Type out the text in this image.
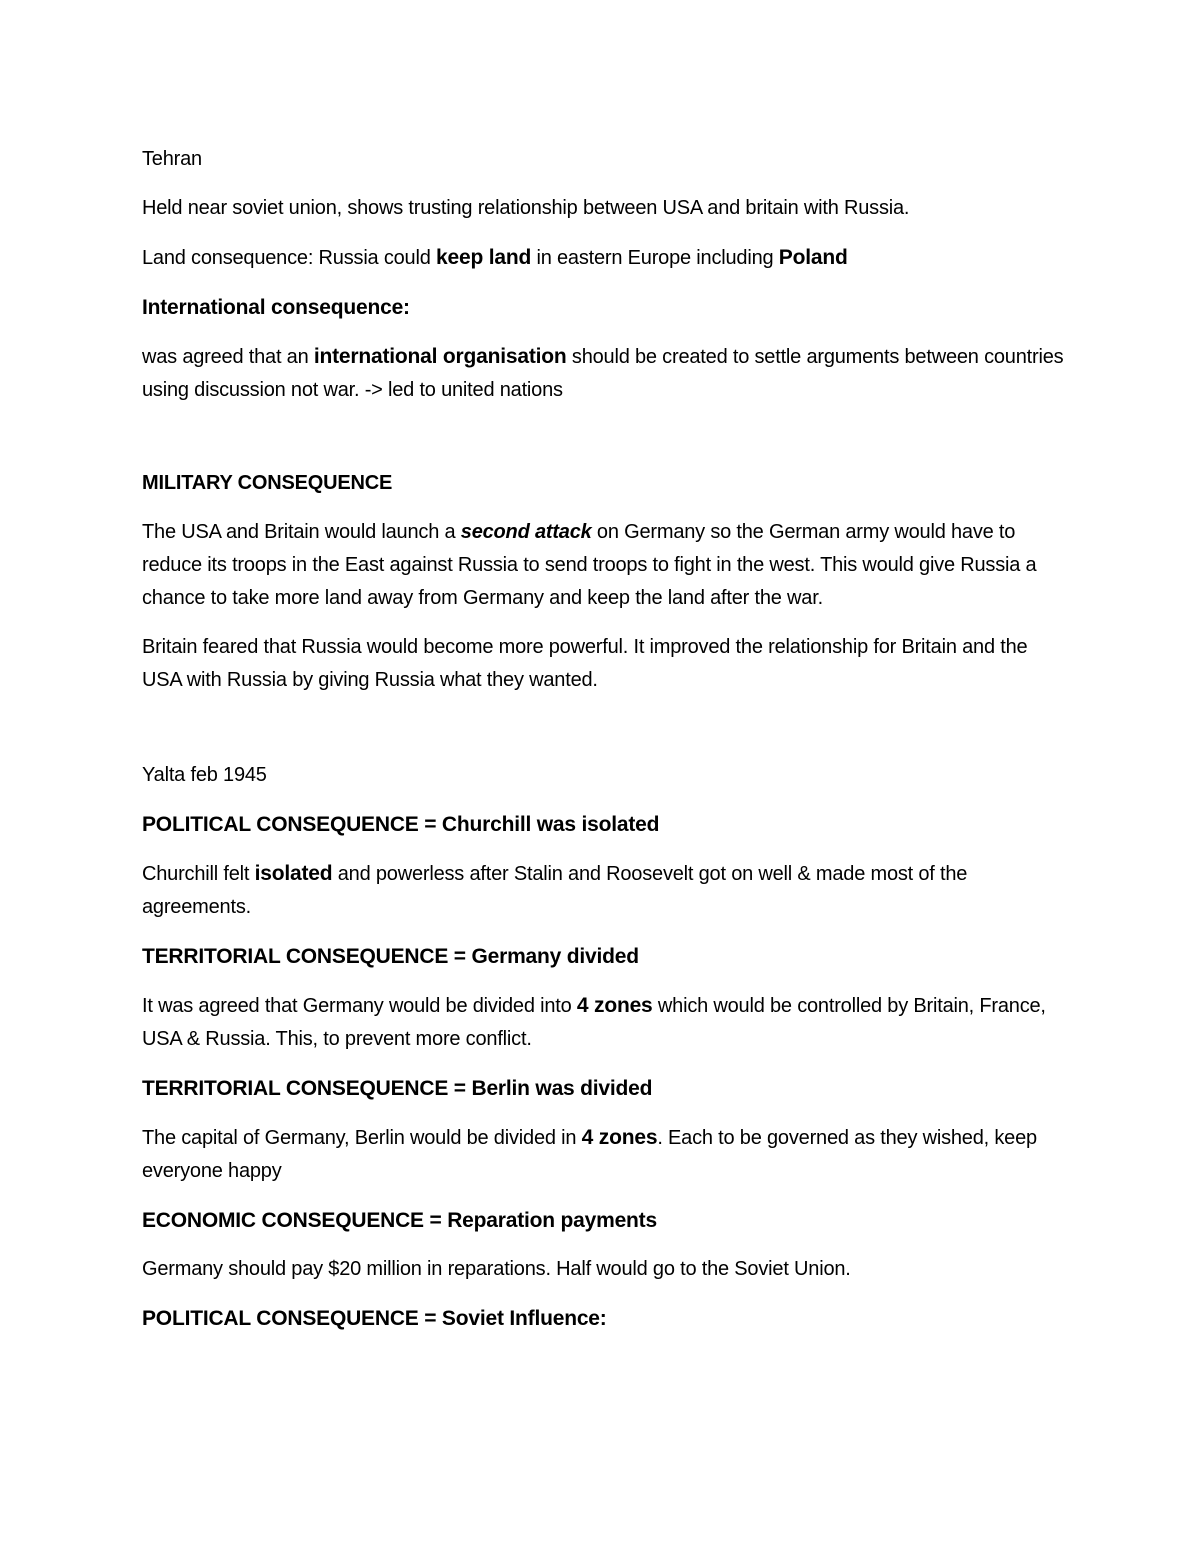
Tehran

Held near soviet union, shows trusting relationship between USA and britain with Russia.

Land consequence: Russia could keep land in eastern Europe including Poland

International consequence:

was agreed that an international organisation should be created to settle arguments between countries using discussion not war. -> led to united nations

MILITARY CONSEQUENCE

The USA and Britain would launch a second attack on Germany so the German army would have to reduce its troops in the East against Russia to send troops to fight in the west. This would give Russia a chance to take more land away from Germany and keep the land after the war.

Britain feared that Russia would become more powerful. It improved the relationship for Britain and the USA with Russia by giving Russia what they wanted.

Yalta feb 1945

POLITICAL CONSEQUENCE = Churchill was isolated

Churchill felt isolated and powerless after Stalin and Roosevelt got on well & made most of the agreements.

TERRITORIAL CONSEQUENCE = Germany divided

It was agreed that Germany would be divided into 4 zones which would be controlled by Britain, France, USA & Russia. This, to prevent more conflict.

TERRITORIAL CONSEQUENCE = Berlin was divided

The capital of Germany, Berlin would be divided in 4 zones. Each to be governed as they wished, keep everyone happy

ECONOMIC CONSEQUENCE = Reparation payments

Germany should pay $20 million in reparations. Half would go to the Soviet Union.

POLITICAL CONSEQUENCE = Soviet Influence:
